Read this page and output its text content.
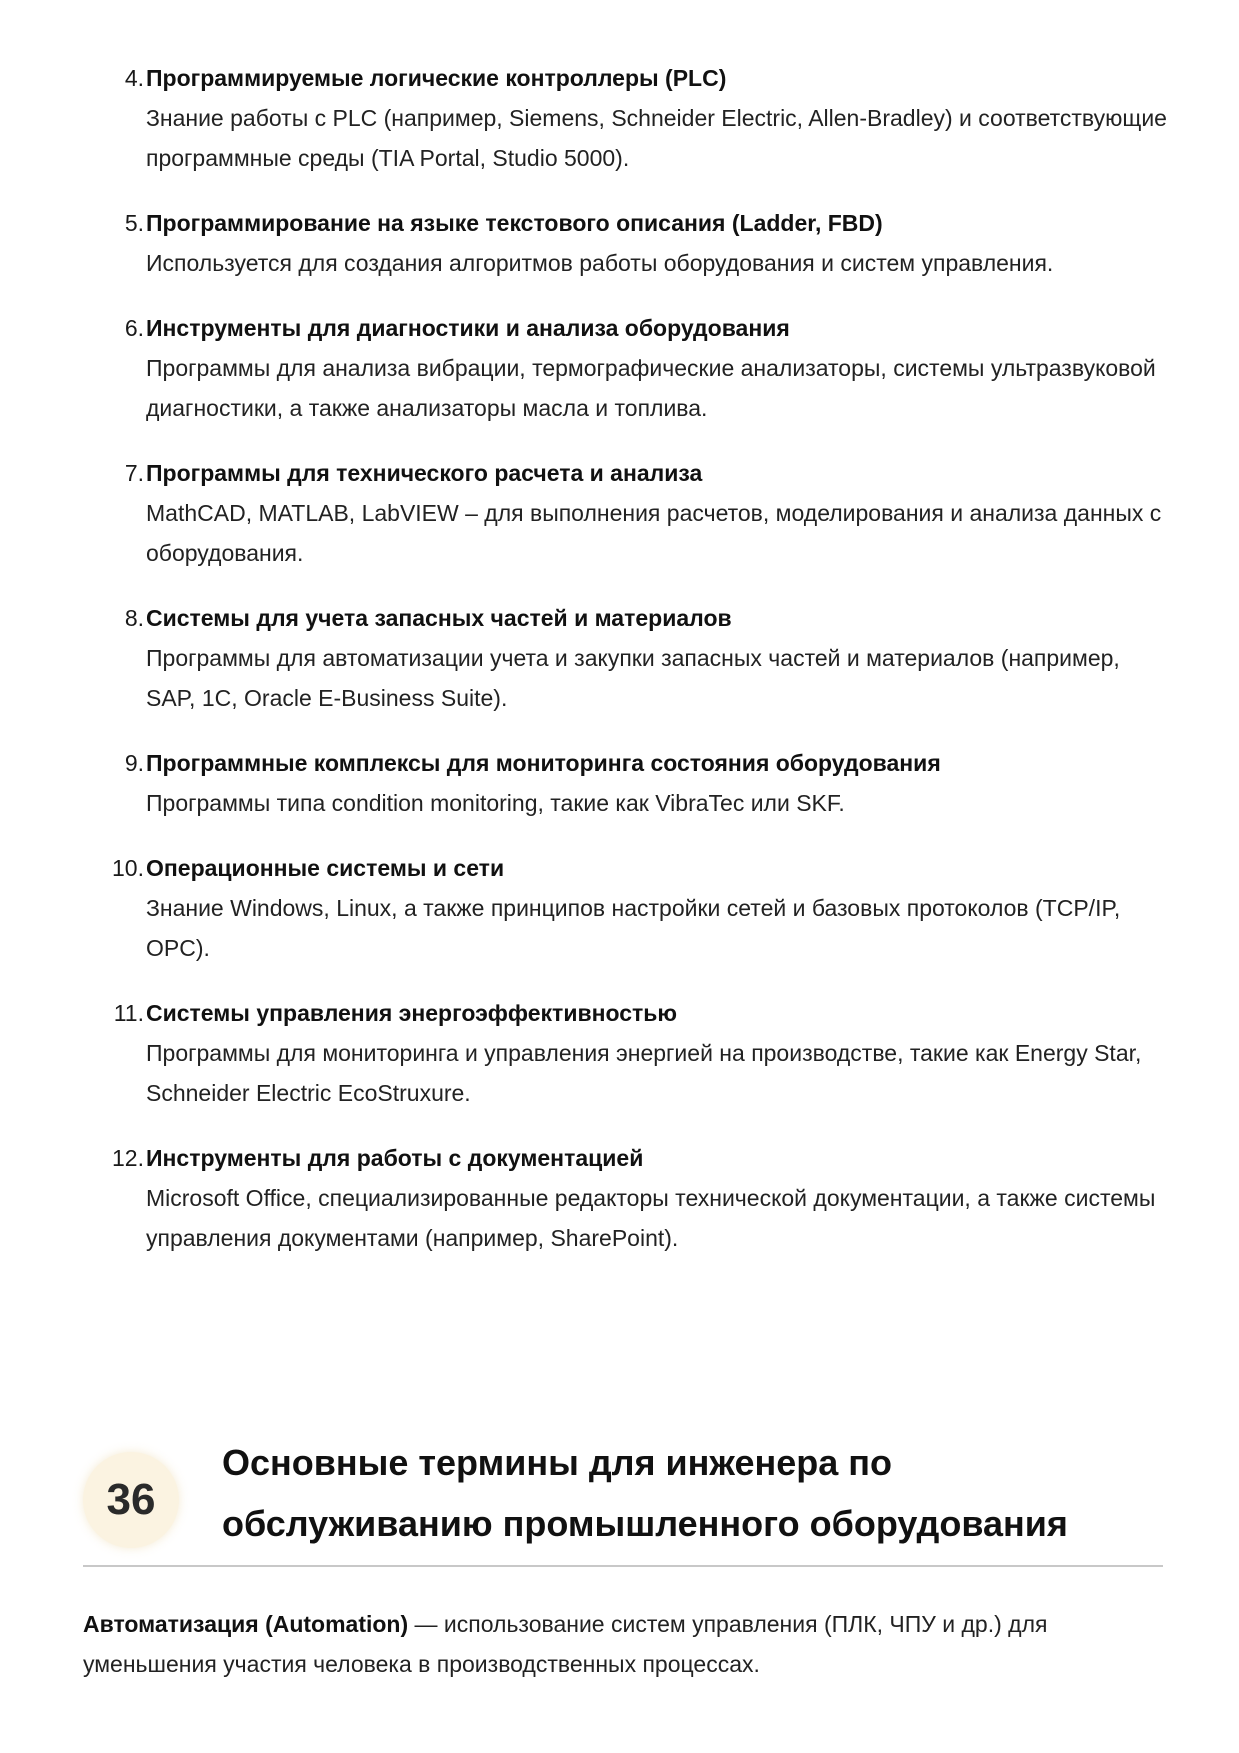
4. Программируемые логические контроллеры (PLC)
Знание работы с PLC (например, Siemens, Schneider Electric, Allen-Bradley) и соответствующие программные среды (TIA Portal, Studio 5000).
5. Программирование на языке текстового описания (Ladder, FBD)
Используется для создания алгоритмов работы оборудования и систем управления.
6. Инструменты для диагностики и анализа оборудования
Программы для анализа вибрации, термографические анализаторы, системы ультразвуковой диагностики, а также анализаторы масла и топлива.
7. Программы для технического расчета и анализа
MathCAD, MATLAB, LabVIEW – для выполнения расчетов, моделирования и анализа данных с оборудования.
8. Системы для учета запасных частей и материалов
Программы для автоматизации учета и закупки запасных частей и материалов (например, SAP, 1C, Oracle E-Business Suite).
9. Программные комплексы для мониторинга состояния оборудования
Программы типа condition monitoring, такие как VibraTec или SKF.
10. Операционные системы и сети
Знание Windows, Linux, а также принципов настройки сетей и базовых протоколов (TCP/IP, OPC).
11. Системы управления энергоэффективностью
Программы для мониторинга и управления энергией на производстве, такие как Energy Star, Schneider Electric EcoStruxure.
12. Инструменты для работы с документацией
Microsoft Office, специализированные редакторы технической документации, а также системы управления документами (например, SharePoint).
36
Основные термины для инженера по обслуживанию промышленного оборудования

Автоматизация (Automation) — использование систем управления (ПЛК, ЧПУ и др.) для уменьшения участия человека в производственных процессах.
